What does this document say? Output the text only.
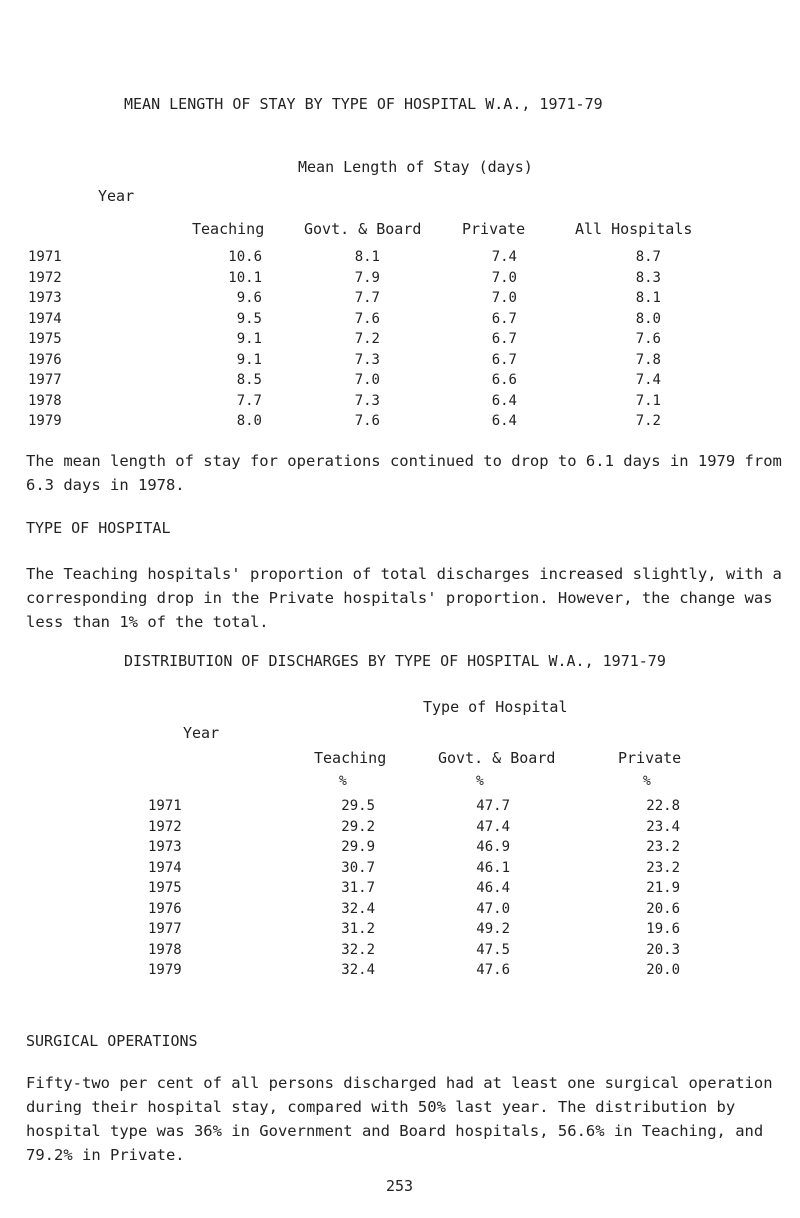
MEAN LENGTH OF STAY BY TYPE OF HOSPITAL W.A., 1971-79
Mean Length of Stay (days)
Year
Teaching	Govt. & Board	Private	All Hospitals
1971	10.6	8.1	7.4	8.7
1972	10.1	7.9	7.0	8.3
1973	9.6	7.7	7.0	8.1
1974	9.5	7.6	6.7	8.0
1975	9.1	7.2	6.7	7.6
1976	9.1	7.3	6.7	7.8
1977	8.5	7.0	6.6	7.4
1978	7.7	7.3	6.4	7.1
1979	8.0	7.6	6.4	7.2
The mean length of stay for operations continued to drop to 6.1 days in 1979 from 6.3 days in 1978.
TYPE OF HOSPITAL
The Teaching hospitals' proportion of total discharges increased slightly, with a corresponding drop in the Private hospitals' proportion. However, the change was less than 1% of the total.
DISTRIBUTION OF DISCHARGES BY TYPE OF HOSPITAL W.A., 1971-79
Type of Hospital
Year
Teaching	Govt. & Board	Private
%	%	%
1971	29.5	47.7	22.8
1972	29.2	47.4	23.4
1973	29.9	46.9	23.2
1974	30.7	46.1	23.2
1975	31.7	46.4	21.9
1976	32.4	47.0	20.6
1977	31.2	49.2	19.6
1978	32.2	47.5	20.3
1979	32.4	47.6	20.0
SURGICAL OPERATIONS
Fifty-two per cent of all persons discharged had at least one surgical operation during their hospital stay, compared with 50% last year. The distribution by hospital type was 36% in Government and Board hospitals, 56.6% in Teaching, and 79.2% in Private.
253
